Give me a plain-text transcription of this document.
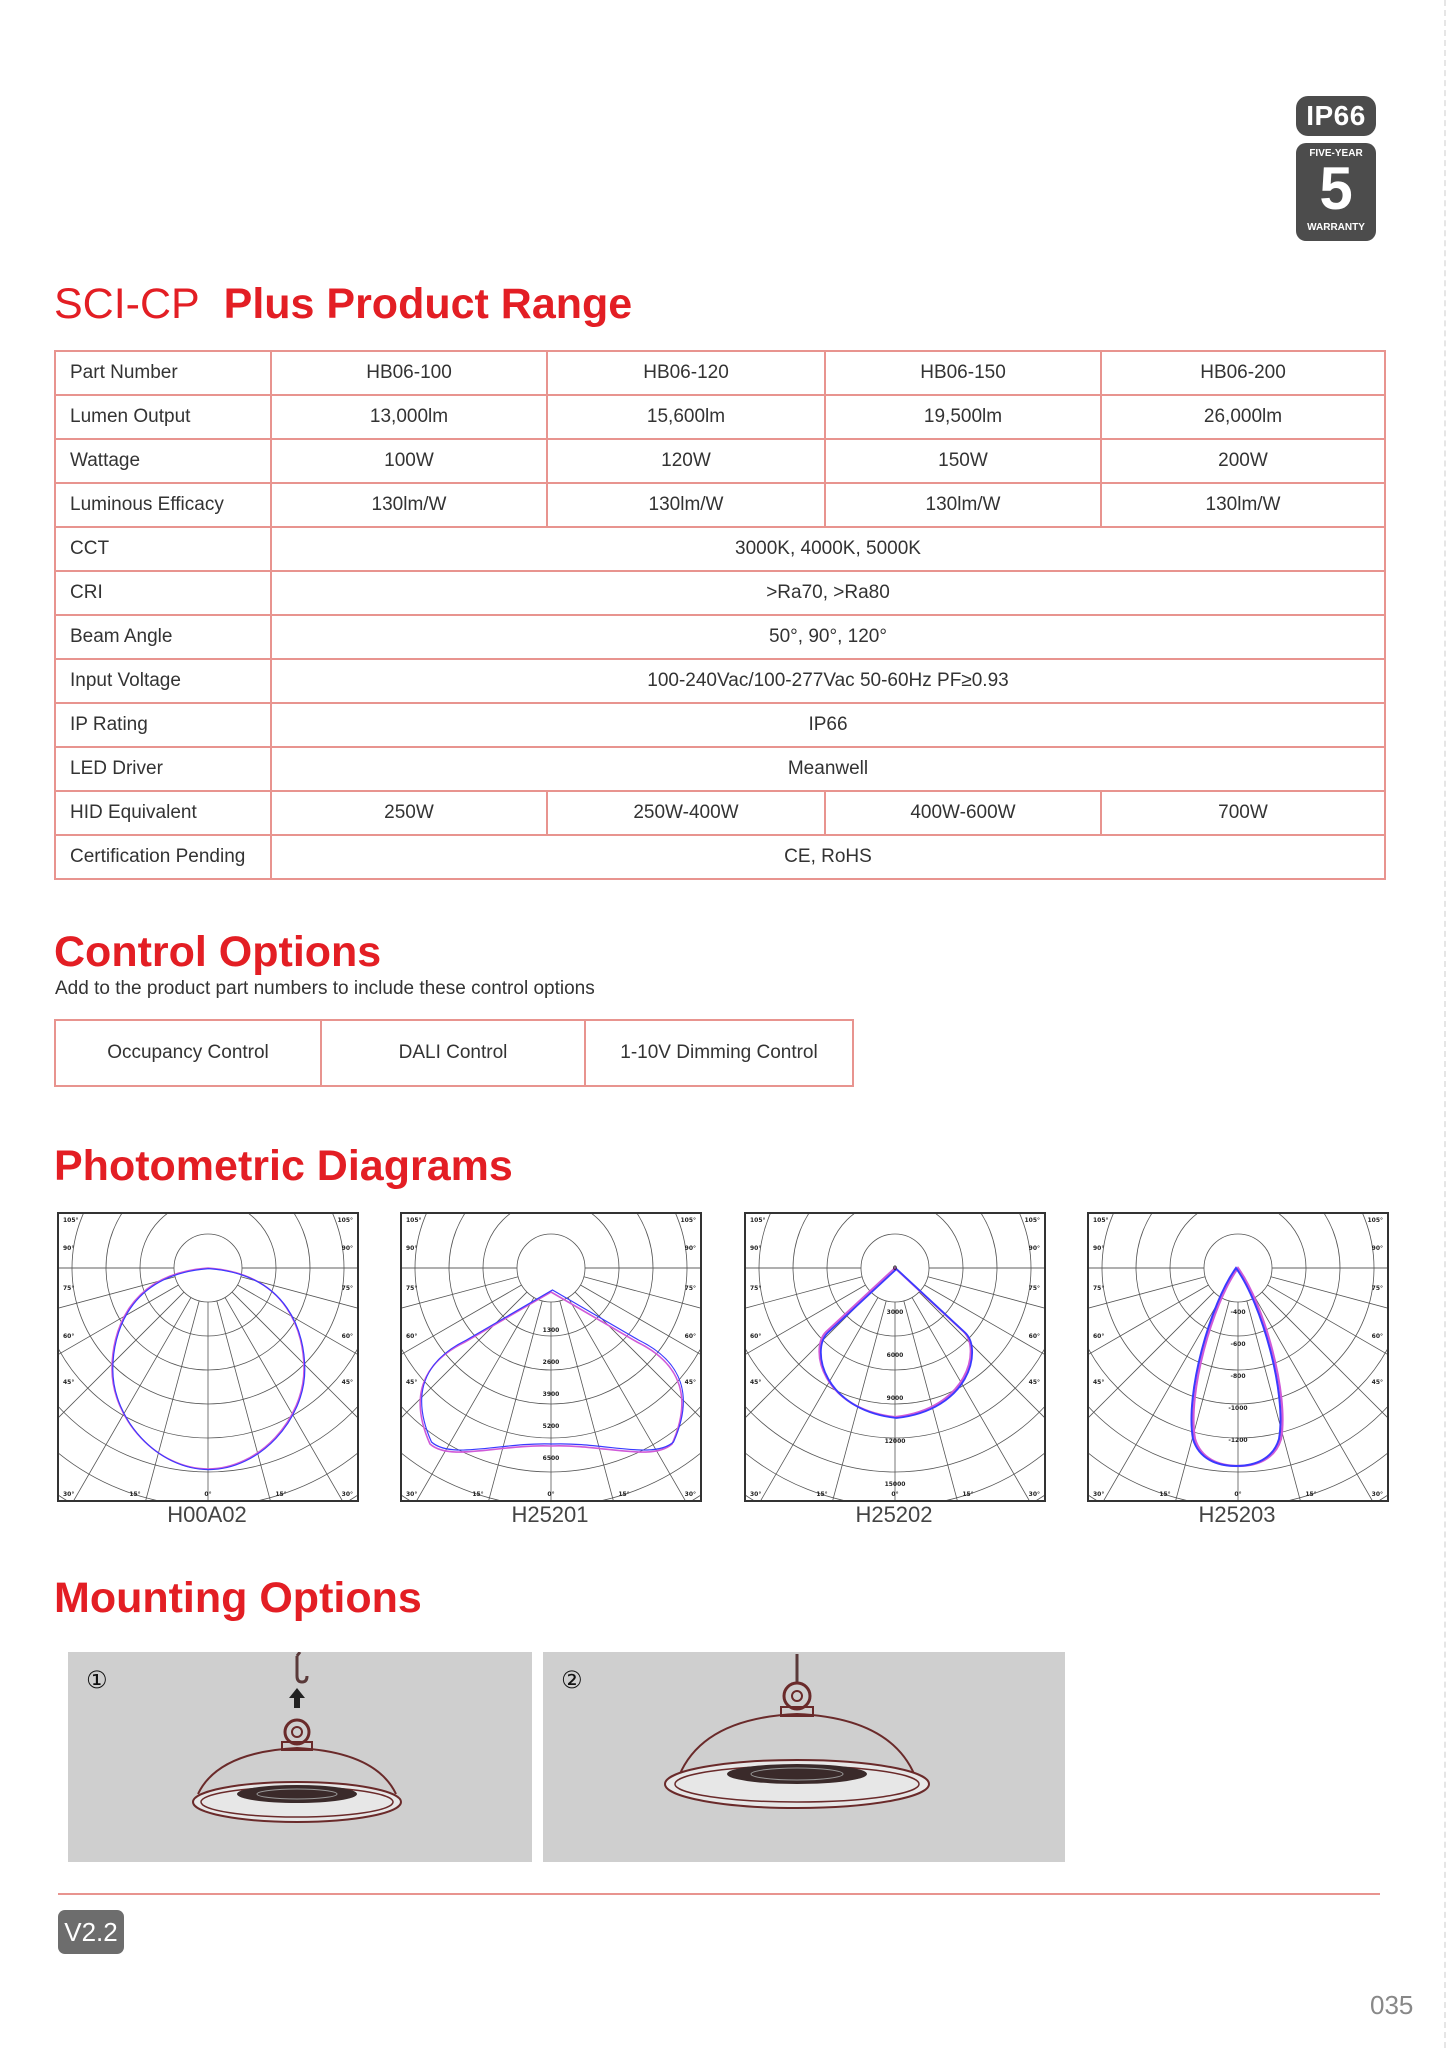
IP66
FIVE-YEAR
5
WARRANTY
SCI-CP Plus Product Range
Part Number	HB06-100	HB06-120	HB06-150	HB06-200
Lumen Output	13,000lm	15,600lm	19,500lm	26,000lm
Wattage	100W	120W	150W	200W
Luminous Efficacy	130lm/W	130lm/W	130lm/W	130lm/W
CCT	3000K, 4000K, 5000K			
CRI	>Ra70, >Ra80			
Beam Angle	50°, 90°, 120°			
Input Voltage	100-240Vac/100-277Vac 50-60Hz PF≥0.93			
IP Rating	IP66			
LED Driver	Meanwell			
HID Equivalent	250W	250W-400W	400W-600W	700W
Certification Pending	CE, RoHS			
Control Options
Add to the product part numbers to include these control options
Occupancy Control	DALI Control	1-10V Dimming Control
Photometric Diagrams
105°	105°
90°	90°
75°	75°
60°	60°
45°	45°
30°	15°	0°	15°	30°
H00A02
105°	105°
90°	90°
75°	75°
60°	60°
45°	45°
30°	15°	0°	15°	30°
1300
2600
3900
5200
6500
H25201
105°	105°
90°	90°
75°	75°
60°	60°
45°	45°
30°	15°	0°	15°	30°
0
3000
6000
9000
12000
15000
H25202
105°	105°
90°	90°
75°	75°
60°	60°
45°	45°
30°	15°	0°	15°	30°
-400
-600
-800
-1000
-1200
H25203
Mounting Options
①	②
V2.2
035
